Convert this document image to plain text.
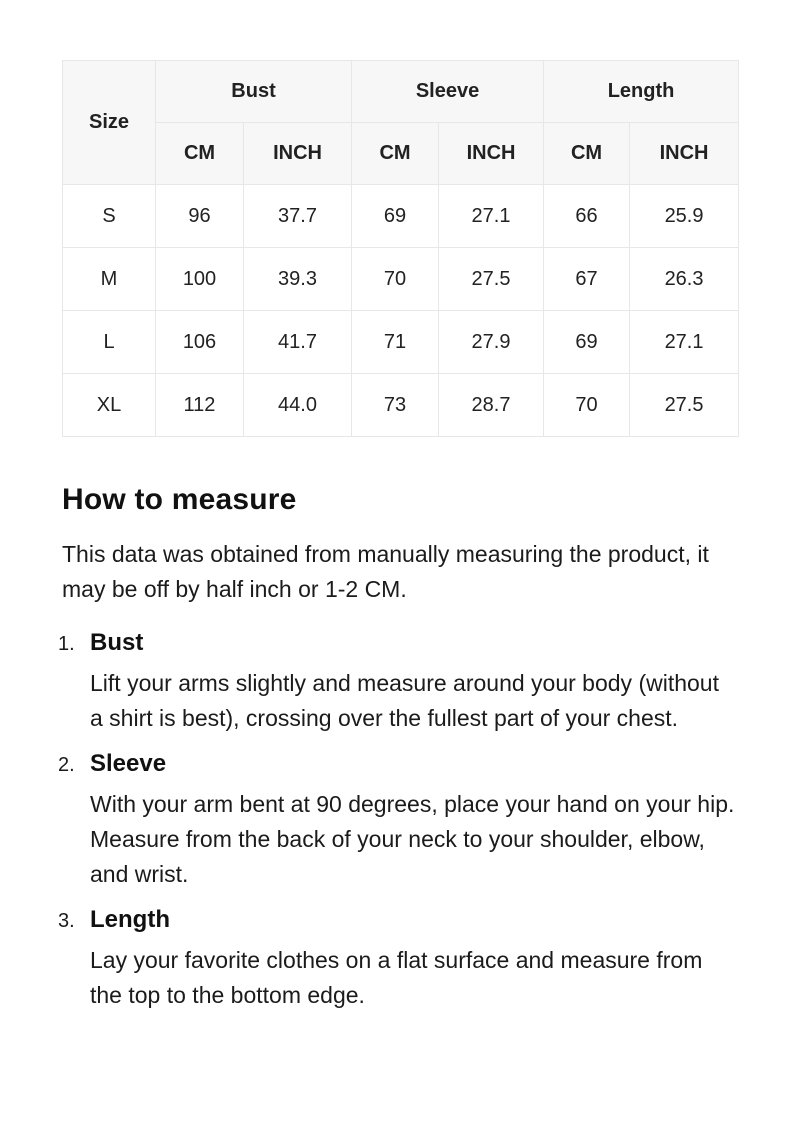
Size	Bust		Sleeve		Length	
	CM	INCH	CM	INCH	CM	INCH
S	96	37.7	69	27.1	66	25.9
M	100	39.3	70	27.5	67	26.3
L	106	41.7	71	27.9	69	27.1
XL	112	44.0	73	28.7	70	27.5
How to measure

This data was obtained from manually measuring the product, it may be off by half inch or 1-2 CM.

1. Bust

Lift your arms slightly and measure around your body (without a shirt is best), crossing over the fullest part of your chest.

2. Sleeve

With your arm bent at 90 degrees, place your hand on your hip. Measure from the back of your neck to your shoulder, elbow, and wrist.

3. Length

Lay your favorite clothes on a flat surface and measure from the top to the bottom edge.
